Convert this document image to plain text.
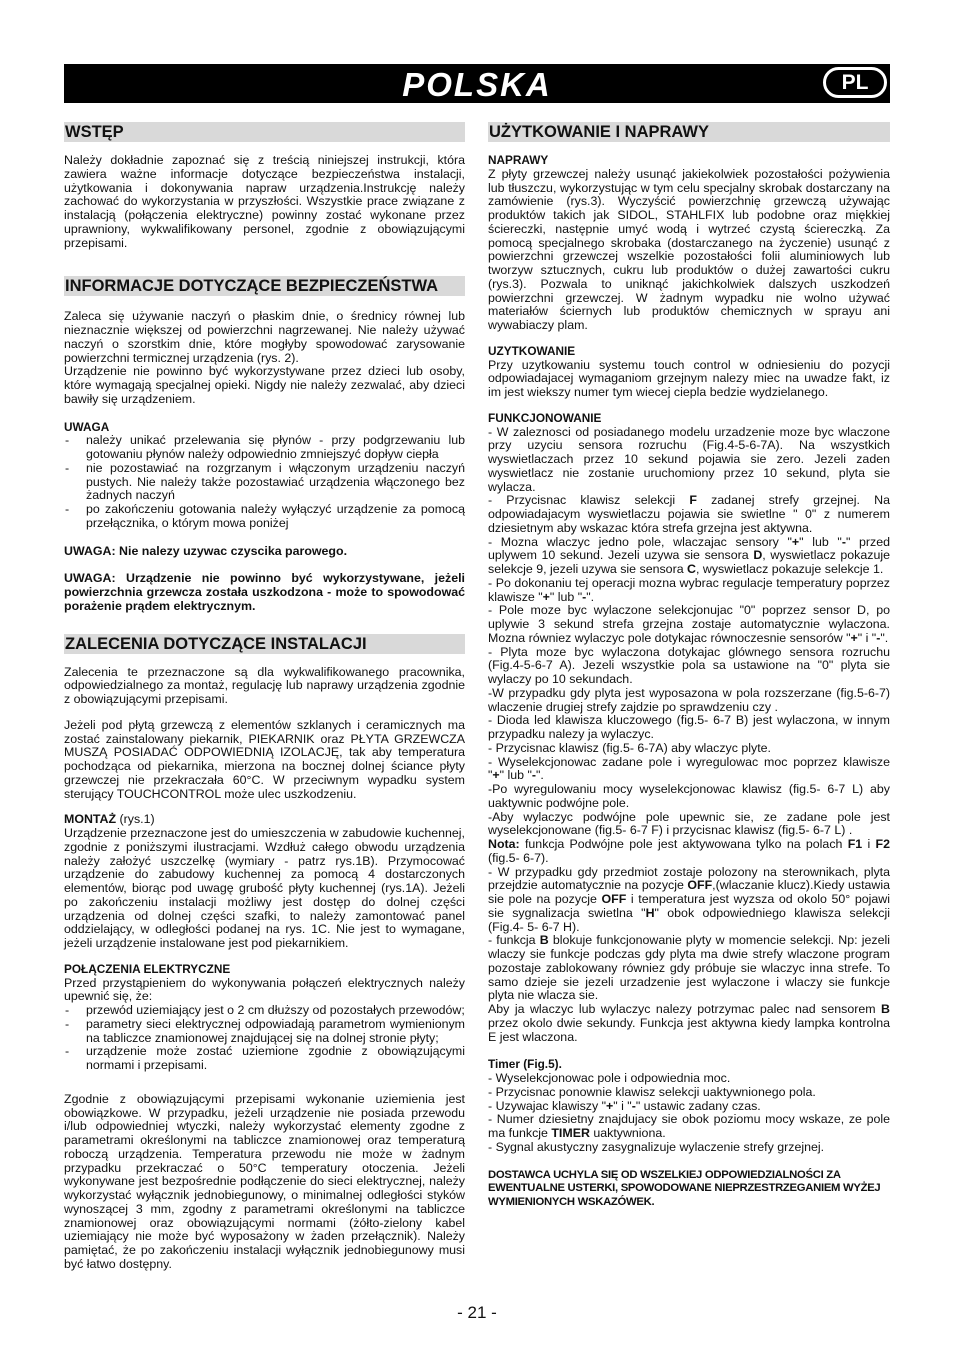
POLSKA	PL
WSTĘP

Należy dokładnie zapoznać się z treścią niniejszej instrukcji, która zawiera ważne informacje dotyczące bezpieczeństwa instalacji, użytkowania i dokonywania napraw urządzenia.Instrukcję należy zachować do wykorzystania w przyszłości. Wszystkie prace związane z instalacją (połączenia elektryczne) powinny zostać wykonane przez uprawniony, wykwalifikowany personel, zgodnie z obowiązującymi przepisami.

INFORMACJE DOTYCZĄCE BEZPIECZEŃSTWA

Zaleca się używanie naczyń o płaskim dnie, o średnicy równej lub nieznacznie większej od powierzchni nagrzewanej. Nie należy używać naczyń o szorstkim dnie, które mogłyby spowodować zarysowanie powierzchni termicznej urządzenia (rys. 2).

Urządzenie nie powinno być wykorzystywane przez dzieci lub osoby, które wymagają specjalnej opieki. Nigdy nie należy zezwalać, aby dzieci bawiły się urządzeniem.

UWAGA
- należy unikać przelewania się płynów - przy podgrzewaniu lub gotowaniu płynów należy odpowiednio zmniejszyć dopływ ciepła
- nie pozostawiać na rozgrzanym i włączonym urządzeniu naczyń pustych. Nie należy także pozostawiać urządzenia włączonego bez żadnych naczyń
- po zakończeniu gotowania należy wyłączyć urządzenie za pomocą przełącznika, o którym mowa poniżej

UWAGA: Nie nalezy uzywac czyscika parowego.

UWAGA: Urządzenie nie powinno być wykorzystywane, jeżeli powierzchnia grzewcza została uszkodzona - może to spowodować porażenie prądem elektrycznym.

ZALECENIA DOTYCZĄCE INSTALACJI

Zalecenia te przeznaczone są dla wykwalifikowanego pracownika, odpowiedzialnego za montaż, regulację lub naprawy urządzenia zgodnie z obowiązującymi przepisami.

Jeżeli pod płytą grzewczą z elementów szklanych i ceramicznych ma zostać zainstalowany piekarnik, PIEKARNIK oraz PŁYTA GRZEWCZA MUSZĄ POSIADAĆ ODPOWIEDNIĄ IZOLACJĘ, tak aby temperatura pochodząca od piekarnika, mierzona na bocznej dolnej ściance płyty grzewczej nie przekraczała 60°C. W przeciwnym wypadku system sterujący TOUCHCONTROL może ulec uszkodzeniu.

MONTAŻ (rys.1)

Urządzenie przeznaczone jest do umieszczenia w zabudowie kuchennej, zgodnie z poniższymi ilustracjami. Wzdłuż całego obwodu urządzenia należy założyć uszczelkę (wymiary - patrz rys.1B). Przymocować urządzenie do zabudowy kuchennej za pomocą 4 dostarczonych elementów, biorąc pod uwagę grubość płyty kuchennej (rys.1A). Jeżeli po zakończeniu instalacji możliwy jest dostęp do dolnej części urządzenia od dolnej części szafki, to należy zamontować panel oddzielający, w odległości podanej na rys. 1C. Nie jest to wymagane, jeżeli urządzenie instalowane jest pod piekarnikiem.

POŁĄCZENIA ELEKTRYCZNE

Przed przystąpieniem do wykonywania połączeń elektrycznych należy upewnić się, że:

- przewód uziemiający jest o 2 cm dłuższy od pozostałych przewodów;
- parametry sieci elektrycznej odpowiadają parametrom wymienionym na tabliczce znamionowej znajdującej się na dolnej stronie płyty;
- urządzenie może zostać uziemione zgodnie z obowiązującymi normami i przepisami.

Zgodnie z obowiązującymi przepisami wykonanie uziemienia jest obowiązkowe. W przypadku, jeżeli urządzenie nie posiada przewodu i/lub odpowiedniej wtyczki, należy wykorzystać elementy zgodne z parametrami określonymi na tabliczce znamionowej oraz temperaturą roboczą urządzenia. Temperatura przewodu nie może w żadnym przypadku przekraczać o 50°C temperatury otoczenia. Jeżeli wykonywane jest bezpośrednie podłączenie do sieci elektrycznej, należy wykorzystać wyłącznik jednobiegunowy, o minimalnej odległości styków wynoszącej 3 mm, zgodny z parametrami określonymi na tabliczce znamionowej oraz obowiązującymi normami (żółto-zielony kabel uziemiający nie może być wyposażony w żaden przełącznik). Należy pamiętać, że po zakończeniu instalacji wyłącznik jednobiegunowy musi być łatwo dostępny.

UŻYTKOWANIE I NAPRAWY
NAPRAWY

Z płyty grzewczej należy usunąć jakiekolwiek pozostałości pożywienia lub tłuszczu, wykorzystując w tym celu specjalny skrobak dostarczany na zamówienie (rys.3). Wyczyścić powierzchnię grzewczą używając produktów takich jak SIDOL, STAHLFIX lub podobne oraz miękkiej ściereczki, następnie umyć wodą i wytrzeć czystą ściereczką. Za pomocą specjalnego skrobaka (dostarczanego na życzenie) usunąć z powierzchni grzewczej wszelkie pozostałości folii aluminiowych lub tworzyw sztucznych, cukru lub produktów o dużej zawartości cukru (rys.3). Pozwala to uniknąć jakichkolwiek dalszych uszkodzeń powierzchni grzewczej. W żadnym wypadku nie wolno używać materiałów ściernych lub produktów chemicznych w sprayu ani wywabiaczy plam.

UZYTKOWANIE

Przy uzytkowaniu systemu touch control w odniesieniu do pozycji odpowiadajacej wymaganiom grzejnym nalezy miec na uwadze fakt, iz im jest wiekszy numer tym wiecej ciepla bedzie wydzielanego.

FUNKCJONOWANIE

- W zaleznosci od posiadanego modelu urzadzenie moze byc wlaczone przy uzyciu sensora rozruchu (Fig.4-5-6-7A). Na wszystkich wyswietlaczach przez 10 sekund pojawia sie zero. Jezeli zaden wyswietlacz nie zostanie uruchomiony przez 10 sekund, plyta sie wylacza.

- Przycisnac klawisz selekcji F zadanej strefy grzejnej. Na odpowiadajacym wyswietlaczu pojawia sie swietlne " 0" z numerem dziesietnym aby wskazac która strefa grzejna jest aktywna.

- Mozna wlaczyc jedno pole, wlaczajac sensory "+" lub "-" przed uplywem 10 sekund. Jezeli uzywa sie sensora D, wyswietlacz pokazuje selekcje 9, jezeli uzywa sie sensora C, wyswietlacz pokazuje selekcje 1.

- Po dokonaniu tej operacji mozna wybrac regulacje temperatury poprzez klawisze "+" lub "-".

- Pole moze byc wylaczone selekcjonujac "0" poprzez sensor D, po uplywie 3 sekund strefa grzejna zostaje automatycznie wylaczona. Mozna równiez wylaczyc pole dotykajac równoczesnie sensorów "+" i "-".

- Plyta moze byc wylaczona dotykajac glównego sensora rozruchu (Fig.4-5-6-7 A). Jezeli wszystkie pola sa ustawione na "0" plyta sie wylaczy po 10 sekundach.

-W przypadku gdy plyta jest wyposazona w pola rozszerzane (fig.5-6-7) wlaczenie drugiej strefy zajdzie po sprawdzeniu czy .

- Dioda led klawisza kluczowego (fig.5- 6-7 B) jest wylaczona, w innym przypadku nalezy ja wylaczyc.

- Przycisnac klawisz (fig.5- 6-7A) aby wlaczyc plyte.

- Wyselekcjonowac zadane pole i wyregulowac moc poprzez klawisze "+" lub "-".

-Po wyregulowaniu mocy wyselekcjonowac klawisz (fig.5- 6-7 L) aby uaktywnic podwójne pole.

-Aby wylaczyc podwójne pole upewnic sie, ze zadane pole jest wyselekcjonowane (fig.5- 6-7 F) i przycisnac klawisz (fig.5- 6-7 L) .

Nota: funkcja Podwójne pole jest aktywowana tylko na polach F1 i F2 (fig.5- 6-7).

- W przypadku gdy przedmiot zostaje polozony na sterownikach, plyta przejdzie automatycznie na pozycje OFF,(wlaczanie klucz).Kiedy ustawia sie pole na pozycje OFF i temperatura jest wyzsza od okolo 50° pojawi sie sygnalizacja swietlna "H" obok odpowiedniego klawisza selekcji (Fig.4- 5- 6-7 H).

- funkcja B blokuje funkcjonowanie plyty w momencie selekcji. Np: jezeli wlaczy sie funkcje podczas gdy plyta ma dwie strefy wlaczone program pozostaje zablokowany równiez gdy próbuje sie wlaczyc inna strefe. To samo dzieje sie jezeli urzadzenie jest wylaczone i wlaczy sie funkcje plyta nie wlacza sie.

Aby ja wlaczyc lub wylaczyc nalezy potrzymac palec nad sensorem B przez okolo dwie sekundy. Funkcja jest aktywna kiedy lampka kontrolna E jest wlaczona.

Timer (Fig.5).

- Wyselekcjonowac pole i odpowiednia moc.

- Przycisnac ponownie klawisz selekcji uaktywnionego pola.

- Uzywajac klawiszy "+" i "-" ustawic zadany czas.

- Numer dziesietny znajdujacy sie obok poziomu mocy wskaze, ze pole ma funkcje TIMER uaktywniona.

- Sygnal akustyczny zasygnalizuje wylaczenie strefy grzejnej.

DOSTAWCA UCHYLA SIĘ OD WSZELKIEJ ODPOWIEDZIALNOŚCI ZA EWENTUALNE USTERKI, SPOWODOWANE NIEPRZESTRZEGANIEM WYŻEJ WYMIENIONYCH WSKAZÓWEK.

- 21 -
